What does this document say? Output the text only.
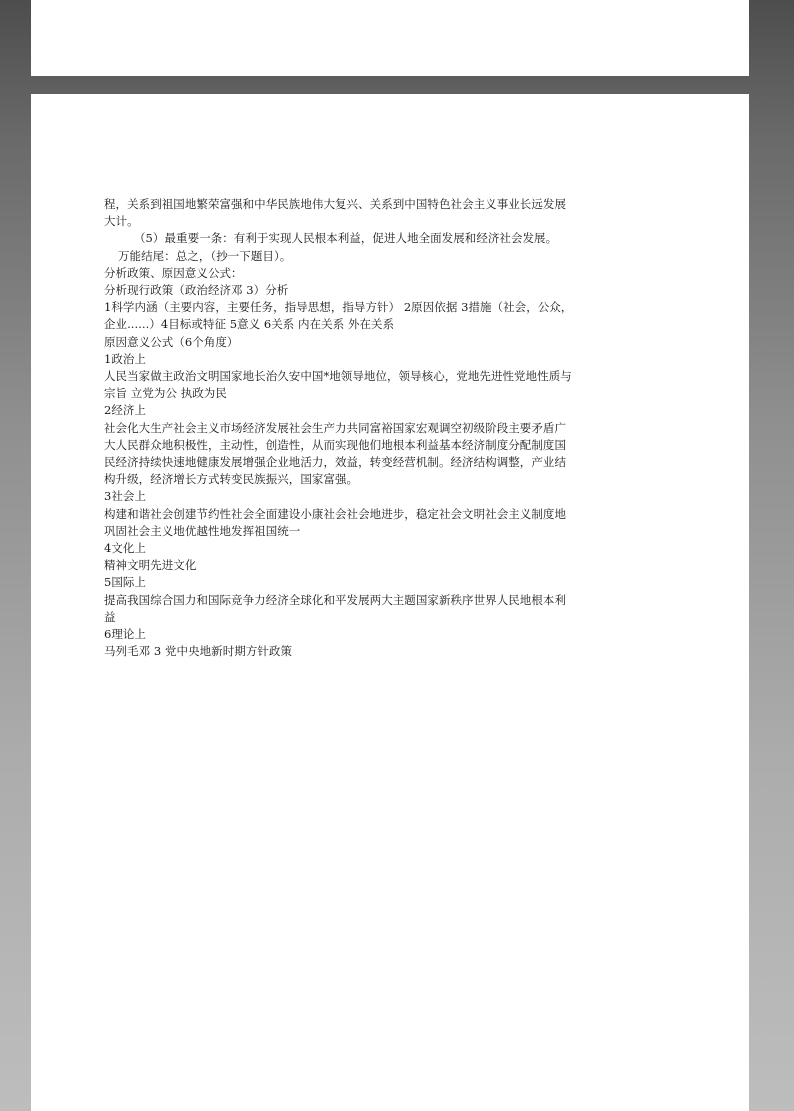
程，关系到祖国地繁荣富强和中华民族地伟大复兴、关系到中国特色社会主义事业长远发展
大计。
（5）最重要一条：有利于实现人民根本利益，促进人地全面发展和经济社会发展。
万能结尾：总之，（抄一下题目）。
分析政策、原因意义公式：
分析现行政策（政治经济邓 3）分析
1科学内涵（主要内容，主要任务，指导思想，指导方针） 2原因依据 3措施（社会，公众，
企业......）4目标或特征 5意义 6关系 内在关系 外在关系
原因意义公式（6个角度）
1政治上
人民当家做主政治文明国家地长治久安中国*地领导地位，领导核心，党地先进性党地性质与
宗旨 立党为公 执政为民
2经济上
社会化大生产社会主义市场经济发展社会生产力共同富裕国家宏观调空初级阶段主要矛盾广
大人民群众地积极性，主动性，创造性，从而实现他们地根本利益基本经济制度分配制度国
民经济持续快速地健康发展增强企业地活力，效益，转变经营机制。经济结构调整，产业结
构升级，经济增长方式转变民族振兴，国家富强。
3社会上
构建和谐社会创建节约性社会全面建设小康社会社会地进步，稳定社会文明社会主义制度地
巩固社会主义地优越性地发挥祖国统一
4文化上
精神文明先进文化
5国际上
提高我国综合国力和国际竞争力经济全球化和平发展两大主题国家新秩序世界人民地根本利
益
6理论上
马列毛邓 3 党中央地新时期方针政策
